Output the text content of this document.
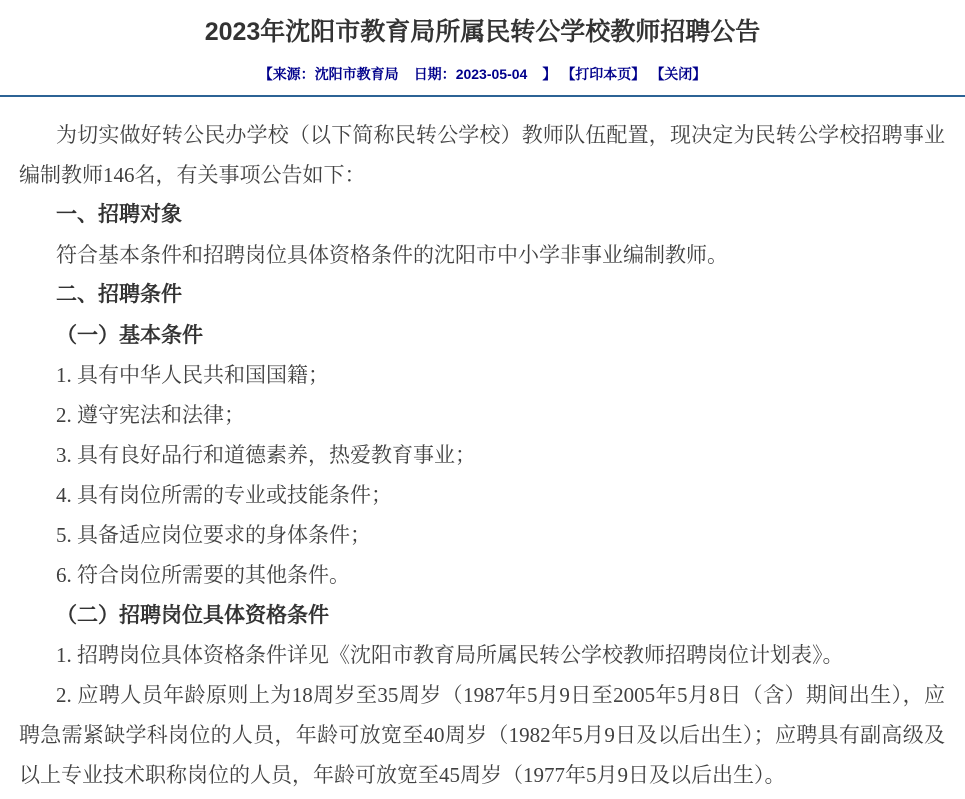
2023年沈阳市教育局所属民转公学校教师招聘公告
【来源：沈阳市教育局 日期：2023-05-04 】 【打印本页】 【关闭】

为切实做好转公民办学校（以下简称民转公学校）教师队伍配置，现决定为民转公学校招聘事业编制教师146名，有关事项公告如下：

一、招聘对象

符合基本条件和招聘岗位具体资格条件的沈阳市中小学非事业编制教师。

二、招聘条件

（一）基本条件

1. 具有中华人民共和国国籍；

2. 遵守宪法和法律；

3. 具有良好品行和道德素养，热爱教育事业；

4. 具有岗位所需的专业或技能条件；

5. 具备适应岗位要求的身体条件；

6. 符合岗位所需要的其他条件。

（二）招聘岗位具体资格条件

1. 招聘岗位具体资格条件详见《沈阳市教育局所属民转公学校教师招聘岗位计划表》。

2. 应聘人员年龄原则上为18周岁至35周岁（1987年5月9日至2005年5月8日（含）期间出生），应聘急需紧缺学科岗位的人员，年龄可放宽至40周岁（1982年5月9日及以后出生）；应聘具有副高级及以上专业技术职称岗位的人员，年龄可放宽至45周岁（1977年5月9日及以后出生）。
